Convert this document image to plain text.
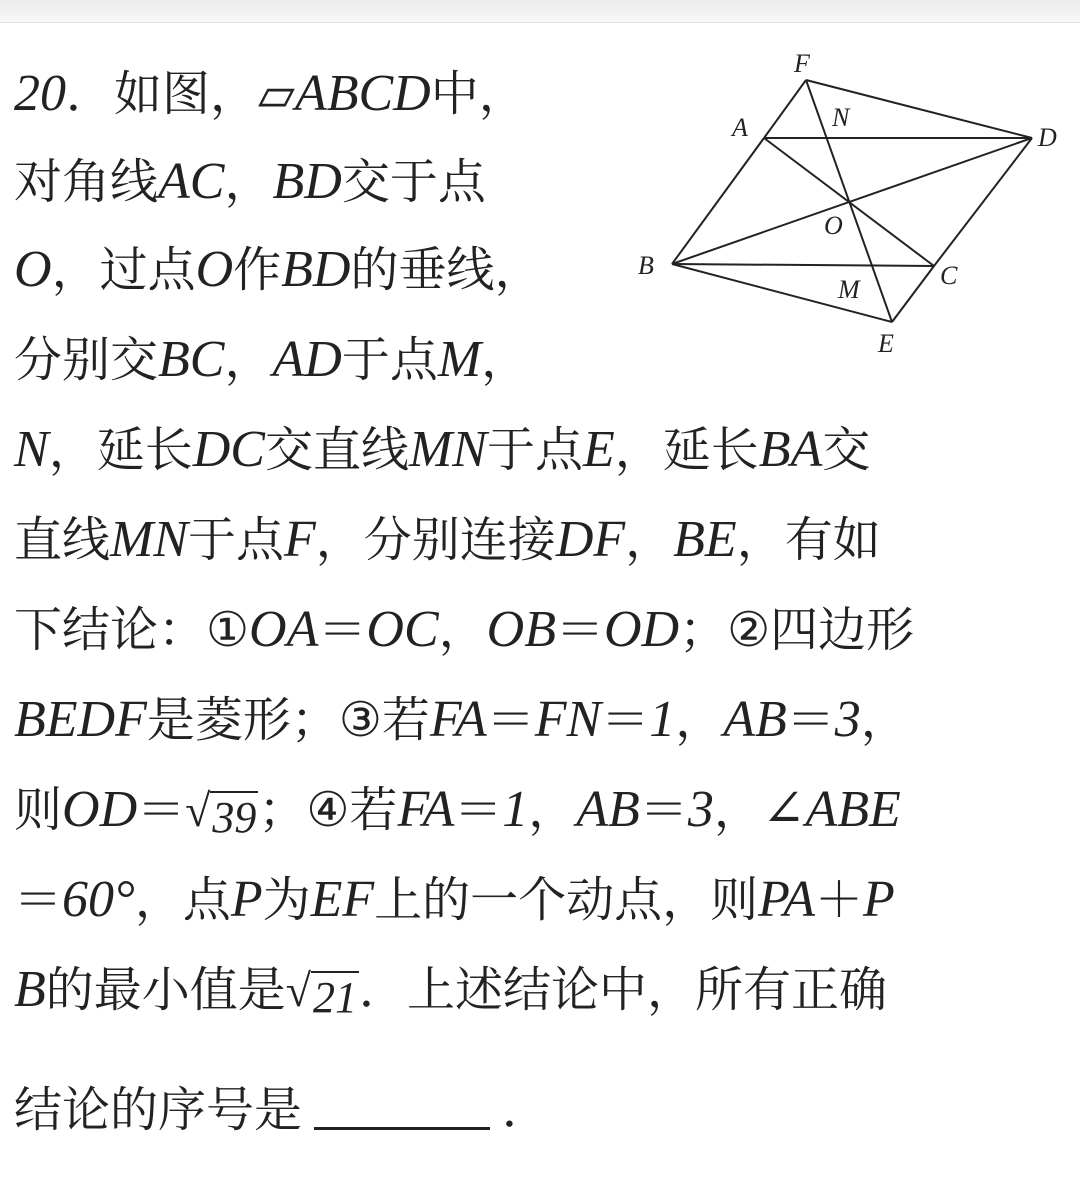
20．如图，▱ABCD中，
对角线AC，BD交于点
O，过点O作BD的垂线，
分别交BC，AD于点M，
N，延长DC交直线MN于点E，延长BA交
直线MN于点F，分别连接DF，BE，有如
下结论：①OA＝OC，OB＝OD；②四边形
BEDF是菱形；③若FA＝FN＝1，AB＝3，
则OD＝√39；④若FA＝1，AB＝3，∠ABE
＝60°，点P为EF上的一个动点，则PA＋P
B的最小值是√21．上述结论中，所有正确
结论的序号是	．
F
N
A	D
O
B
M	C
E
